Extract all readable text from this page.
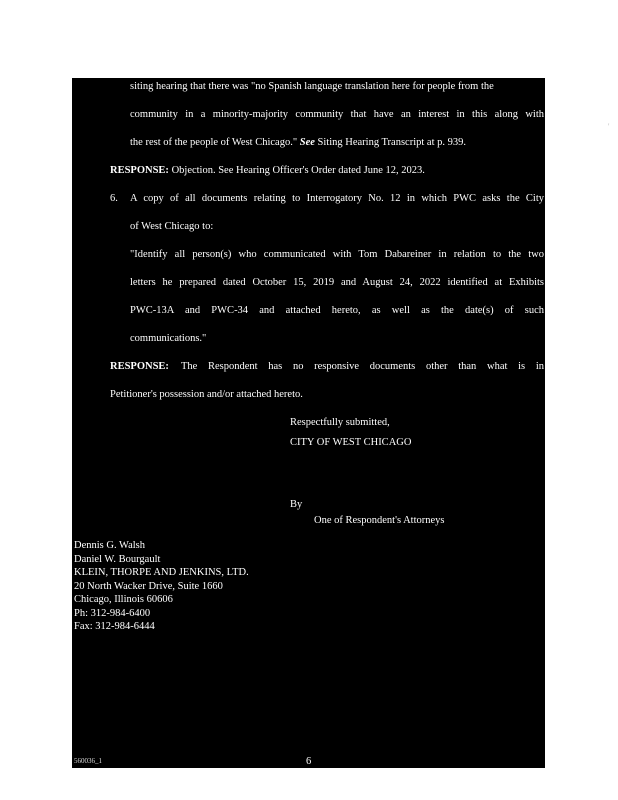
siting hearing that there was "no Spanish language translation here for people from the
community in a minority-majority community that have an interest in this along with
the rest of the people of West Chicago." See Siting Hearing Transcript at p. 939.
RESPONSE: Objection. See Hearing Officer's Order dated June 12, 2023.
6. A copy of all documents relating to Interrogatory No. 12 in which PWC asks the City
of West Chicago to:
"Identify all person(s) who communicated with Tom Dabareiner in relation to the two
letters he prepared dated October 15, 2019 and August 24, 2022 identified at Exhibits
PWC-13A and PWC-34 and attached hereto, as well as the date(s) of such
communications."
RESPONSE: The Respondent has no responsive documents other than what is in
Petitioner's possession and/or attached hereto.
Respectfully submitted,
CITY OF WEST CHICAGO
By
One of Respondent's Attorneys
Dennis G. Walsh
Daniel W. Bourgault
KLEIN, THORPE AND JENKINS, LTD.
20 North Wacker Drive, Suite 1660
Chicago, Illinois 60606
Ph: 312-984-6400
Fax: 312-984-6444
560036_1	6
'
